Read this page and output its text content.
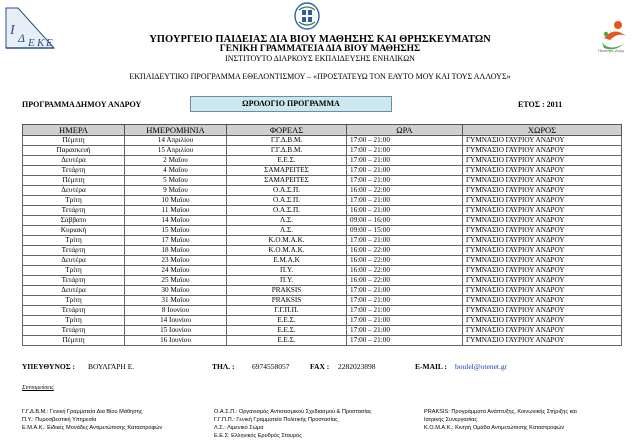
Ι Δ Ε Κ Ε
Ποιότητα Ζωής
ΥΠΟΥΡΓΕΙΟ ΠΑΙΔΕΙΑΣ ΔΙΑ ΒΙΟΥ ΜΑΘΗΣΗΣ ΚΑΙ ΘΡΗΣΚΕΥΜΑΤΩΝ
ΓΕΝΙΚΗ ΓΡΑΜΜΑΤΕΙΑ ΔΙΑ ΒΙΟΥ ΜΑΘΗΣΗΣ
ΙΝΣΤΙΤΟΥΤΟ ΔΙΑΡΚΟΥΣ ΕΚΠΑΙΔΕΥΣΗΣ ΕΝΗΛΙΚΩΝ
ΕΚΠΑΙΔΕΥΤΙΚΟ ΠΡΟΓΡΑΜΜΑ ΕΘΕΛΟΝΤΙΣΜΟΥ – «ΠΡΟΣΤΑΤΕΥΩ ΤΟΝ ΕΑΥΤΟ ΜΟΥ ΚΑΙ ΤΟΥΣ ΑΛΛΟΥΣ»
ΠΡΟΓΡΑΜΜΑ ΔΗΜΟΥ ΑΝΔΡΟΥ	ΩΡΟΛΟΓΙΟ ΠΡΟΓΡΑΜΜΑ	ΕΤΟΣ : 2011
ΗΜΕΡΑ	ΗΜΕΡΟΜΗΝΙΑ	ΦΟΡΕΑΣ	ΩΡΑ	ΧΩΡΟΣ
Πέμπτη	14 Απριλίου	Γ.Γ.Δ.Β.Μ.	17:00 – 21:00	ΓΥΜΝΑΣΙΟ ΓΑΥΡΙΟΥ ΑΝΔΡΟΥ
Παρασκευή	15 Απριλίου	Γ.Γ.Δ.Β.Μ.	17:00 – 21:00	ΓΥΜΝΑΣΙΟ ΓΑΥΡΙΟΥ ΑΝΔΡΟΥ
Δευτέρα	2 Μαΐου	Ε.Ε.Σ.	17:00 – 21:00	ΓΥΜΝΑΣΙΟ ΓΑΥΡΙΟΥ ΑΝΔΡΟΥ
Τετάρτη	4 Μαΐου	ΣΑΜΑΡΕΙΤΕΣ	17:00 – 21:00	ΓΥΜΝΑΣΙΟ ΓΑΥΡΙΟΥ ΑΝΔΡΟΥ
Πέμπτη	5 Μαΐου	ΣΑΜΑΡΕΙΤΕΣ	17:00 – 21:00	ΓΥΜΝΑΣΙΟ ΓΑΥΡΙΟΥ ΑΝΔΡΟΥ
Δευτέρα	9 Μαΐου	Ο.Α.Σ.Π.	16:00 – 22:00	ΓΥΜΝΑΣΙΟ ΓΑΥΡΙΟΥ ΑΝΔΡΟΥ
Τρίτη	10 Μαΐου	Ο.Α.Σ.Π.	17:00 – 21:00	ΓΥΜΝΑΣΙΟ ΓΑΥΡΙΟΥ ΑΝΔΡΟΥ
Τετάρτη	11 Μαΐου	Ο.Α.Σ.Π.	16:00 – 21:00	ΓΥΜΝΑΣΙΟ ΓΑΥΡΙΟΥ ΑΝΔΡΟΥ
Σάββατο	14 Μαΐου	Λ.Σ.	09:00 – 16:00	ΓΥΜΝΑΣΙΟ ΓΑΥΡΙΟΥ ΑΝΔΡΟΥ
Κυριακή	15 Μαΐου	Λ.Σ.	09:00 – 15:00	ΓΥΜΝΑΣΙΟ ΓΑΥΡΙΟΥ ΑΝΔΡΟΥ
Τρίτη	17 Μαΐου	Κ.Ο.Μ.Α.Κ.	17:00 – 21:00	ΓΥΜΝΑΣΙΟ ΓΑΥΡΙΟΥ ΑΝΔΡΟΥ
Τετάρτη	18 Μαΐου	Κ.Ο.Μ.Α.Κ.	16:00 – 22:00	ΓΥΜΝΑΣΙΟ ΓΑΥΡΙΟΥ ΑΝΔΡΟΥ
Δευτέρα	23 Μαΐου	Ε.Μ.Α.Κ	16:00 – 22:00	ΓΥΜΝΑΣΙΟ ΓΑΥΡΙΟΥ ΑΝΔΡΟΥ
Τρίτη	24 Μαΐου	Π.Υ.	16:00 – 22:00	ΓΥΜΝΑΣΙΟ ΓΑΥΡΙΟΥ ΑΝΔΡΟΥ
Τετάρτη	25 Μαΐου	Π.Υ.	16:00 – 22:00	ΓΥΜΝΑΣΙΟ ΓΑΥΡΙΟΥ ΑΝΔΡΟΥ
Δευτέρα	30 Μαΐου	PRAKSIS	17:00 – 21:00	ΓΥΜΝΑΣΙΟ ΓΑΥΡΙΟΥ ΑΝΔΡΟΥ
Τρίτη	31 Μαΐου	PRAKSIS	17:00 – 21:00	ΓΥΜΝΑΣΙΟ ΓΑΥΡΙΟΥ ΑΝΔΡΟΥ
Τετάρτη	8 Ιουνίου	Γ.Γ.Π.Π.	17:00 – 21:00	ΓΥΜΝΑΣΙΟ ΓΑΥΡΙΟΥ ΑΝΔΡΟΥ
Τρίτη	14 Ιουνίου	Ε.Ε.Σ.	17:00 – 21:00	ΓΥΜΝΑΣΙΟ ΓΑΥΡΙΟΥ ΑΝΔΡΟΥ
Τετάρτη	15 Ιουνίου	Ε.Ε.Σ.	17:00 – 21:00	ΓΥΜΝΑΣΙΟ ΓΑΥΡΙΟΥ ΑΝΔΡΟΥ
Πέμπτη	16 Ιουνίου	Ε.Ε.Σ.	17:00 – 21:00	ΓΥΜΝΑΣΙΟ ΓΑΥΡΙΟΥ ΑΝΔΡΟΥ
ΥΠΕΥΘΥΝΟΣ : ΒΟΥΛΓΑΡΗ Ε.	ΤΗΛ. : 6974558057	FAX : 2282023898	E-MAIL : boulel@otenet.gr
Συντομεύσεις
Γ.Γ.Δ.Β.Μ.: Γενική Γραμματεία Δια Βίου Μάθησης
Π.Υ.: Πυροσβεστική Υπηρεσία
Ε.Μ.Α.Κ.: Ειδικές Μονάδες Αντιμετώπισης Καταστροφών
Ο.Α.Σ.Π.: Οργανισμός Αντισεισμικού Σχεδιασμού & Προστασίας
Γ.Γ.Π.Π.: Γενική Γραμματεία Πολιτικής Προστασίας
Λ.Σ.: Λιμενικό Σώμα
Ε.Ε.Σ: Ελληνικός Ερυθρός Σταυρός
PRAKSIS: Προγράμματα Ανάπτυξης, Κοινωνικής Στήριξης και
Ιατρικής Συνεργασίας
Κ.Ο.Μ.Α.Κ.: Κινητή Ομάδα Αντιμετώπισης Καταστροφών
